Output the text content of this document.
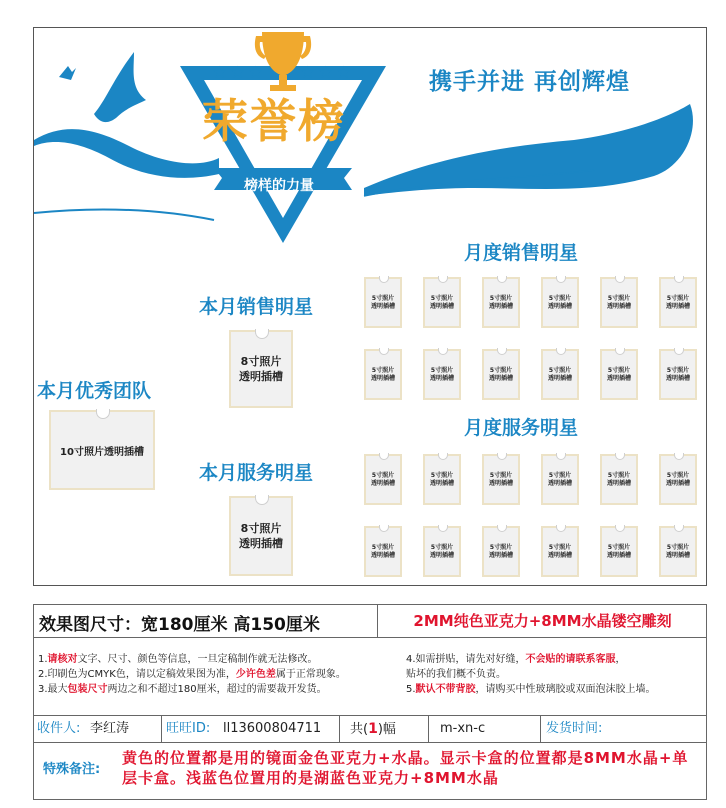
★ ★ ★ ★ ★ ★
荣誉榜
榜样的力量
携手并进 再创辉煌
月度销售明星
本月销售明星
本月优秀团队
月度服务明星
本月服务明星
10寸照片透明插槽
8寸照片
透明插槽
8寸照片
透明插槽
5寸照片
透明插槽
5寸照片
透明插槽
5寸照片
透明插槽
5寸照片
透明插槽
5寸照片
透明插槽
5寸照片
透明插槽
5寸照片
透明插槽
5寸照片
透明插槽
5寸照片
透明插槽
5寸照片
透明插槽
5寸照片
透明插槽
5寸照片
透明插槽
5寸照片
透明插槽
5寸照片
透明插槽
5寸照片
透明插槽
5寸照片
透明插槽
5寸照片
透明插槽
5寸照片
透明插槽
5寸照片
透明插槽
5寸照片
透明插槽
5寸照片
透明插槽
5寸照片
透明插槽
5寸照片
透明插槽
5寸照片
透明插槽
效果图尺寸：宽180厘米 高150厘米	2MM纯色亚克力+8MM水晶镂空雕刻

1.请核对文字、尺寸、颜色等信息，一旦定稿制作就无法修改。

2.印刷色为CMYK色，请以定稿效果图为准，少许色差属于正常现象。

3.最大包装尺寸两边之和不超过180厘米，超过的需要裁开发货。

4.如需拼贴，请先对好缝，不会贴的请联系客服，

贴坏的我们概不负责。

5.默认不带背胶，请购买中性玻璃胶或双面泡沫胶上墙。

收件人: 李红涛	旺旺ID: ll13600804711 共(1)幅	m-xn-c	发货时间:
特殊备注:
黄色的位置都是用的镜面金色亚克力+水晶。显示卡盒的位置都是8MM水晶+单层卡盒。浅蓝色位置用的是湖蓝色亚克力+8MM水晶
